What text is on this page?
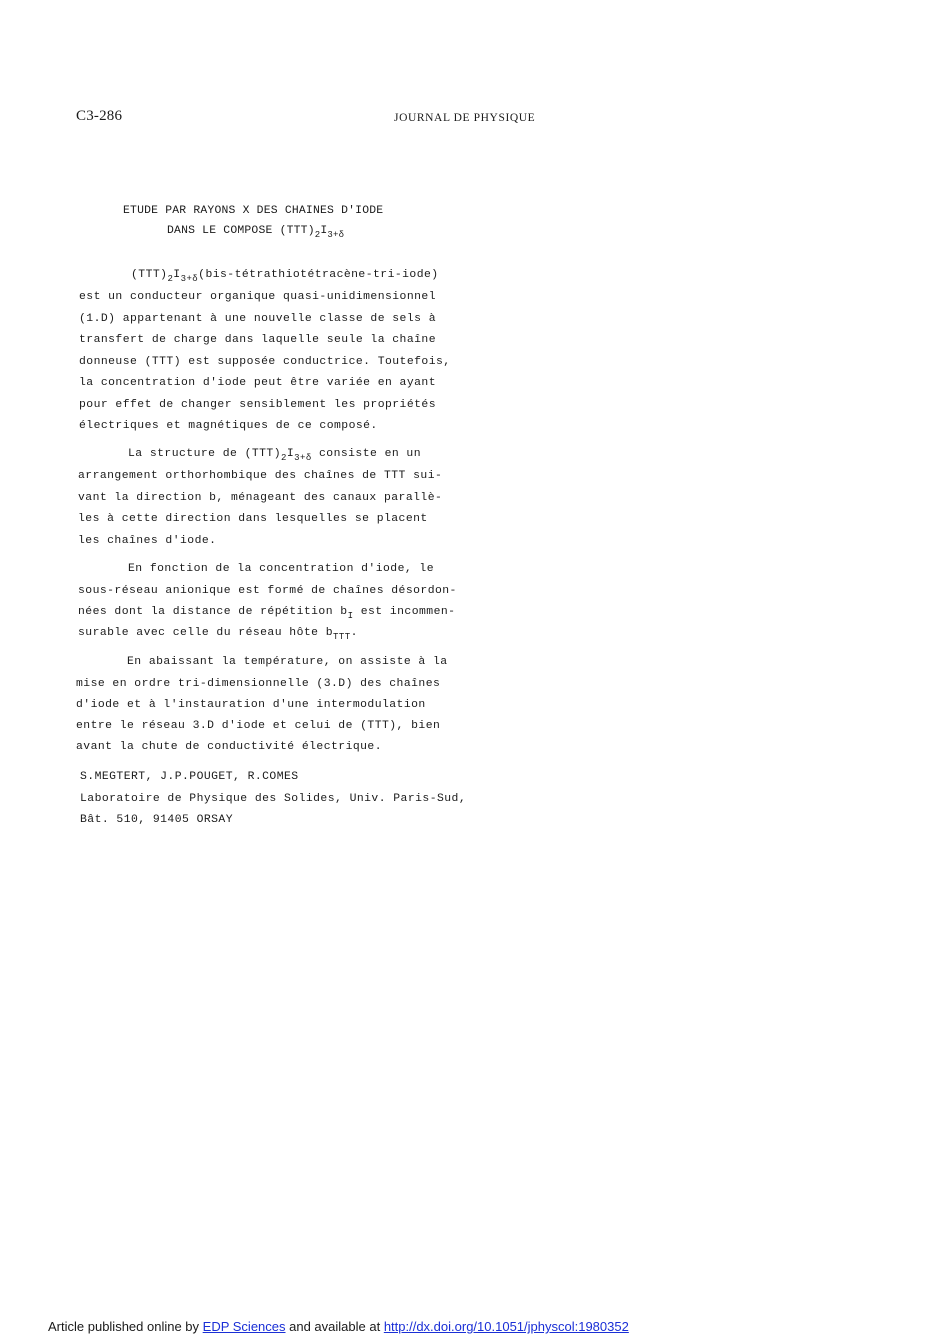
C3-286	JOURNAL DE PHYSIQUE
ETUDE PAR RAYONS X DES CHAINES D'IODE
DANS LE COMPOSE $(TTT)_2I_{3+\delta}$
$(TTT)_2I_{3+\delta}(bis-tétrathiotétracène-tri-iode)$
est un conducteur organique quasi-unidimensionnel
(1.D) appartenant à une nouvelle classe de sels à
transfert de charge dans laquelle seule la chaîne
donneuse (TTT) est supposée conductrice. Toutefois,
la concentration d'iode peut être variée en ayant
pour effet de changer sensiblement les propriétés
électriques et magnétiques de ce composé.
La structure de $(TTT)_2I_{3+\delta}$ consiste en un
arrangement orthorhombique des chaînes de TTT sui-
vant la direction b, ménageant des canaux parallè-
les à cette direction dans lesquelles se placent
les chaînes d'iode.
En fonction de la concentration d'iode, le
sous-réseau anionique est formé de chaînes désordon-
nées dont la distance de répétition $b_I$ est incommen-
surable avec celle du réseau hôte $b_{TTT}$.
En abaissant la température, on assiste à la
mise en ordre tri-dimensionnelle (3.D) des chaînes
d'iode et à l'instauration d'une intermodulation
entre le réseau 3.D d'iode et celui de (TTT), bien
avant la chute de conductivité électrique.
S.MEGTERT, J.P.POUGET, R.COMES
Laboratoire de Physique des Solides, Univ. Paris-Sud,
Bât. 510, 91405 ORSAY
Article published online by EDP Sciences and available at http://dx.doi.org/10.1051/jphyscol:1980352
